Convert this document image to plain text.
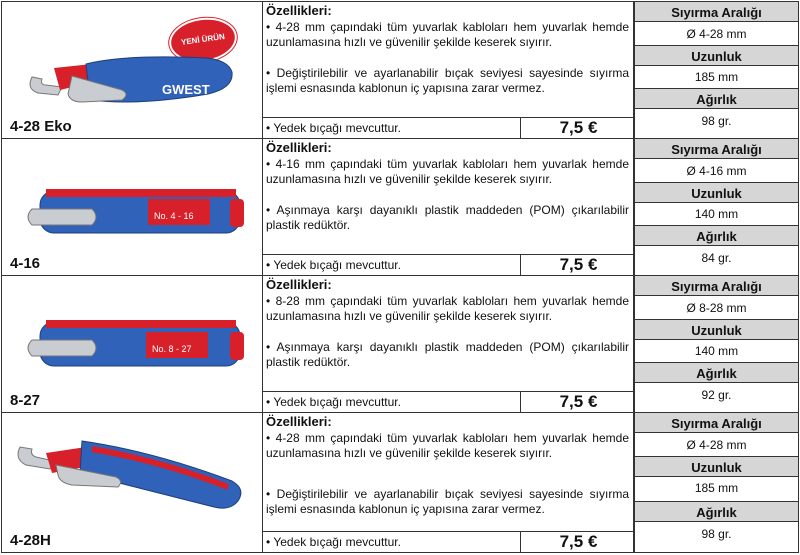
YENİ ÜRÜN
GWEST
4-28 Eko
Özellikleri:
• 4-28 mm çapındaki tüm yuvarlak kabloları hem yuvarlak hemde uzunlamasına hızlı ve güvenilir şekilde keserek sıyırır.
• Değiştirilebilir ve ayarlanabilir bıçak seviyesi sayesinde sıyırma işlemi esnasında kablonun iç yapısına zarar vermez.
• Yedek bıçağı mevcuttur.	7,5 €
Sıyırma Aralığı
Ø 4-28 mm
Uzunluk
185 mm
Ağırlık
98 gr.
No. 4 - 16
4-16
Özellikleri:
• 4-16 mm çapındaki tüm yuvarlak kabloları hem yuvarlak hemde uzunlamasına hızlı ve güvenilir şekilde keserek sıyırır.
• Aşınmaya karşı dayanıklı plastik maddeden (POM) çıkarılabilir plastik redüktör.
• Yedek bıçağı mevcuttur.	7,5 €
Sıyırma Aralığı
Ø 4-16 mm
Uzunluk
140 mm
Ağırlık
84 gr.
No. 8 - 27
8-27
Özellikleri:
• 8-28 mm çapındaki tüm yuvarlak kabloları hem yuvarlak hemde uzunlamasına hızlı ve güvenilir şekilde keserek sıyırır.
• Aşınmaya karşı dayanıklı plastik maddeden (POM) çıkarılabilir plastik redüktör.
• Yedek bıçağı mevcuttur.	7,5 €
Sıyırma Aralığı
Ø 8-28 mm
Uzunluk
140 mm
Ağırlık
92 gr.
4-28H
Özellikleri:
• 4-28 mm çapındaki tüm yuvarlak kabloları hem yuvarlak hemde uzunlamasına hızlı ve güvenilir şekilde keserek sıyırır.
• Değiştirilebilir ve ayarlanabilir bıçak seviyesi sayesinde sıyırma işlemi esnasında kablonun iç yapısına zarar vermez.
• Yedek bıçağı mevcuttur.	7,5 €
Sıyırma Aralığı
Ø 4-28 mm
Uzunluk
185 mm
Ağırlık
98 gr.
